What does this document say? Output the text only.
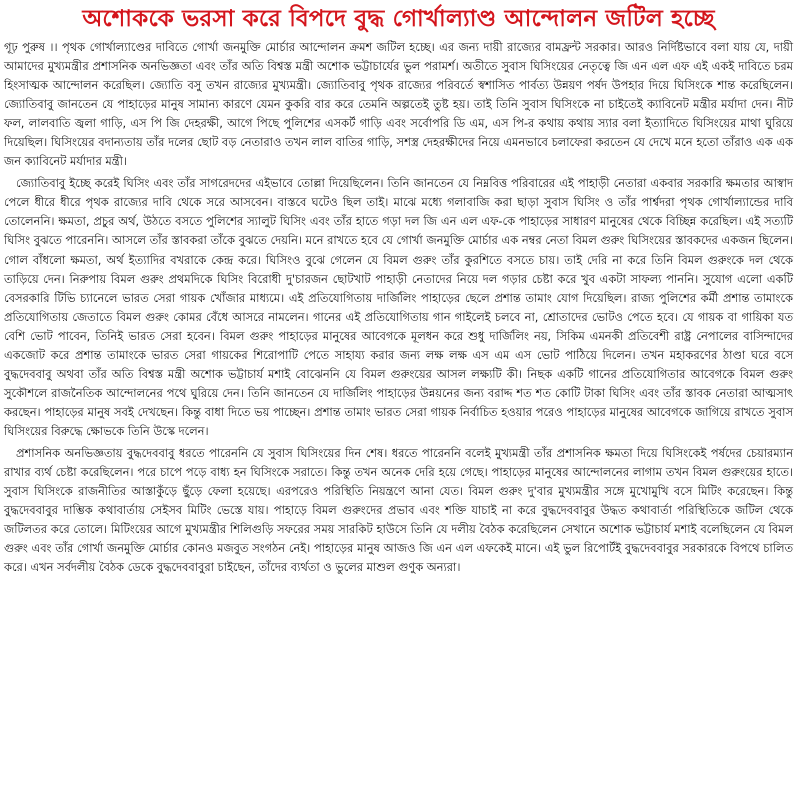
অশোককে ভরসা করে বিপদে বুদ্ধ গোর্খাল্যাণ্ড আন্দোলন জটিল হচ্ছে

গূঢ় পুরুষ ।। পৃথক গোর্খাল্যাণ্ডের দাবিতে গোর্খা জনমুক্তি মোর্চার আন্দোলন ক্রমশ জটিল হচ্ছে। এর জন্য দায়ী রাজ্যের বামফ্রন্ট সরকার। আরও নির্দিষ্টভাবে বলা যায় যে, দায়ী আমাদের মুখ্যমন্ত্রীর প্রশাসনিক অনভিজ্ঞতা এবং তাঁর অতি বিশ্বস্ত মন্ত্রী অশোক ভট্টাচার্যের ভুল পরামর্শ। অতীতে সুবাস ঘিসিংয়ের নেতৃত্বে জি এন এল এফ এই একই দাবিতে চরম হিংসাত্মক আন্দোলন করেছিল। জ্যোতি বসু তখন রাজ্যের মুখ্যমন্ত্রী। জ্যোতিবাবু পৃথক রাজ্যের পরিবর্তে স্বশাসিত পার্বত্য উন্নয়ণ পর্ষদ উপহার দিয়ে ঘিসিংকে শান্ত করেছিলেন। জ্যোতিবাবু জানতেন যে পাহাড়ের মানুষ সামান্য কারণে যেমন কুকরি বার করে তেমনি অল্পতেই তুষ্ট হয়। তাই তিনি সুবাস ঘিসিংকে না চাইতেই ক্যাবিনেট মন্ত্রীর মর্যাদা দেন। নীট ফল, লালবাতি জ্বলা গাড়ি, এস পি জি দেহরক্ষী, আগে পিছে পুলিশের এসকর্ট গাড়ি এবং সর্বোপরি ডি এম, এস পি-র কথায় কথায় স্যার বলা ইত্যাদিতে ঘিসিংয়ের মাথা ঘুরিয়ে দিয়েছিল। ঘিসিংয়ের বদান্যতায় তাঁর দলের ছোট বড় নেতারাও তখন লাল বাতির গাড়ি, সশস্ত্র দেহরক্ষীদের নিয়ে এমনভাবে চলাফেরা করতেন যে দেখে মনে হতো তাঁরাও এক এক জন ক্যাবিনেট মর্যাদার মন্ত্রী।

জ্যোতিবাবু ইচ্ছে করেই ঘিসিং এবং তাঁর সাগরেদদের এইভাবে তোল্লা দিয়েছিলেন। তিনি জানতেন যে নিম্নবিত্ত পরিবারের এই পাহাড়ী নেতারা একবার সরকারি ক্ষমতার আস্বাদ পেলে ধীরে ধীরে পৃথক রাজ্যের দাবি থেকে সরে আসবেন। বাস্তবে ঘটেও ছিল তাই। মাঝে মধ্যে গলাবাজি করা ছাড়া সুবাস ঘিসিং ও তাঁর পার্শ্বদরা পৃথক গোর্খাল্যান্ডের দাবি তোলেননি। ক্ষমতা, প্রচুর অর্থ, উঠতে বসতে পুলিশের স্যালুট ঘিসিং এবং তাঁর হাতে গড়া দল জি এন এল এফ-কে পাহাড়ের সাধারণ মানুষের থেকে বিচ্ছিন্ন করেছিল। এই সত্যটি ঘিসিং বুঝতে পারেননি। আসলে তাঁর স্তাবকরা তাঁকে বুঝতে দেয়নি। মনে রাখতে হবে যে গোর্খা জনমুক্তি মোর্চার এক নম্বর নেতা বিমল গুরুং ঘিসিংয়ের স্তাবকদের একজন ছিলেন। গোল বাঁধলো ক্ষমতা, অর্থ ইত্যাদির বখরাকে কেন্দ্র করে। ঘিসিংও বুঝে গেলেন যে বিমল গুরুং তাঁর কুরশিতে বসতে চায়। তাই দেরি না করে তিনি বিমল গুরুংকে দল থেকে তাড়িয়ে দেন। নিরুপায় বিমল গুরুং প্রথমদিকে ঘিসিং বিরোধী দু'চারজন ছোটখাট পাহাড়ী নেতাদের নিয়ে দল গড়ার চেষ্টা করে খুব একটা সাফল্য পাননি। সুযোগ এলো একটি বেসরকারি টিভি চ্যানেলে ভারত সেরা গায়ক খোঁজার মাধ্যমে। এই প্রতিযোগিতায় দার্জিলিং পাহাড়ের ছেলে প্রশান্ত তামাং যোগ দিয়েছিল। রাজ্য পুলিশের কর্মী প্রশান্ত তামাংকে প্রতিযোগিতায় জেতাতে বিমল গুরুং কোমর বেঁধে আসরে নামলেন। গানের এই প্রতিযোগিতায় গান গাইলেই চলবে না, শ্রোতাদের ভোটও পেতে হবে। যে গায়ক বা গায়িকা যত বেশি ভোট পাবেন, তিনিই ভারত সেরা হবেন। বিমল গুরুং পাহাড়ের মানুষের আবেগকে মূলধন করে শুধু দার্জিলিং নয়, সিকিম এমনকী প্রতিবেশী রাষ্ট্র নেপালের বাসিন্দাদের একজোট করে প্রশান্ত তামাংকে ভারত সেরা গায়কের শিরোপাটি পেতে সাহায্য করার জন্য লক্ষ লক্ষ এস এম এস ভোট পাঠিয়ে দিলেন। তখন মহাকরণের ঠাণ্ডা ঘরে বসে বুদ্ধদেববাবু অথবা তাঁর অতি বিশ্বস্ত মন্ত্রী অশোক ভট্টাচার্য মশাই বোঝেননি যে বিমল গুরুংয়ের আসল লক্ষ্যটি কী। নিছক একটি গানের প্রতিযোগিতার আবেগকে বিমল গুরুং সুকৌশলে রাজনৈতিক আন্দোলনের পথে ঘুরিয়ে দেন। তিনি জানতেন যে দার্জিলিং পাহাড়ের উন্নয়নের জন্য বরাদ্দ শত শত কোটি টাকা ঘিসিং এবং তাঁর স্তাবক নেতারা আত্মসাৎ করছেন। পাহাড়ের মানুষ সবই দেখছেন। কিন্তু বাধা দিতে ভয় পাচ্ছেন। প্রশান্ত তামাং ভারত সেরা গায়ক নির্বাচিত হওয়ার পরেও পাহাড়ের মানুষের আবেগকে জাগিয়ে রাখতে সুবাস ঘিসিংয়ের বিরুদ্ধে ক্ষোভকে তিনি উস্কে দলেন।

প্রশাসনিক অনভিজ্ঞতায় বুদ্ধদেববাবু ধরতে পারেননি যে সুবাস ঘিসিংয়ের দিন শেষ। ধরতে পারেননি বলেই মুখ্যমন্ত্রী তাঁর প্রশাসনিক ক্ষমতা দিয়ে ঘিসিংকেই পর্ষদের চেয়ারম্যান রাখার ব্যর্থ চেষ্টা করেছিলেন। পরে চাপে পড়ে বাধ্য হন ঘিসিংকে সরাতে। কিন্তু তখন অনেক দেরি হয়ে গেছে। পাহাড়ের মানুষের আন্দোলনের লাগাম তখন বিমল গুরুংয়ের হাতে। সুবাস ঘিসিংকে রাজনীতির আস্তাকুঁড়ে ছুঁড়ে ফেলা হয়েছে। এরপরেও পরিস্থিতি নিয়ন্ত্রণে আনা যেত। বিমল গুরুং দু'বার মুখ্যমন্ত্রীর সঙ্গে মুখোমুখি বসে মিটিং করেছেন। কিন্তু বুদ্ধদেববাবুর দাম্ভিক কথাবার্তায় সেইসব মিটিং ভেস্তে যায়। পাহাড়ে বিমল গুরুংদের প্রভাব এবং শক্তি যাচাই না করে বুদ্ধদেববাবুর উদ্ধত কথাবার্তা পরিস্থিতিকে জটিল থেকে জটিলতর করে তোলে। মিটিংয়ের আগে মুখ্যমন্ত্রীর শিলিগুড়ি সফরের সময় সারকিট হাউসে তিনি যে দলীয় বৈঠক করেছিলেন সেখানে অশোক ভট্টাচার্য মশাই বলেছিলেন যে বিমল গুরুং এবং তাঁর গোর্খা জনমুক্তি মোর্চার কোনও মজবুত সংগঠন নেই। পাহাড়ের মানুষ আজও জি এন এল এফকেই মানে। এই ভুল রিপোর্টই বুদ্ধদেববাবুর সরকারকে বিপথে চালিত করে। এখন সর্বদলীয় বৈঠক ডেকে বুদ্ধদেববাবুরা চাইছেন, তাঁদের ব্যর্থতা ও ভুলের মাশুল গুণুক অন্যরা।
